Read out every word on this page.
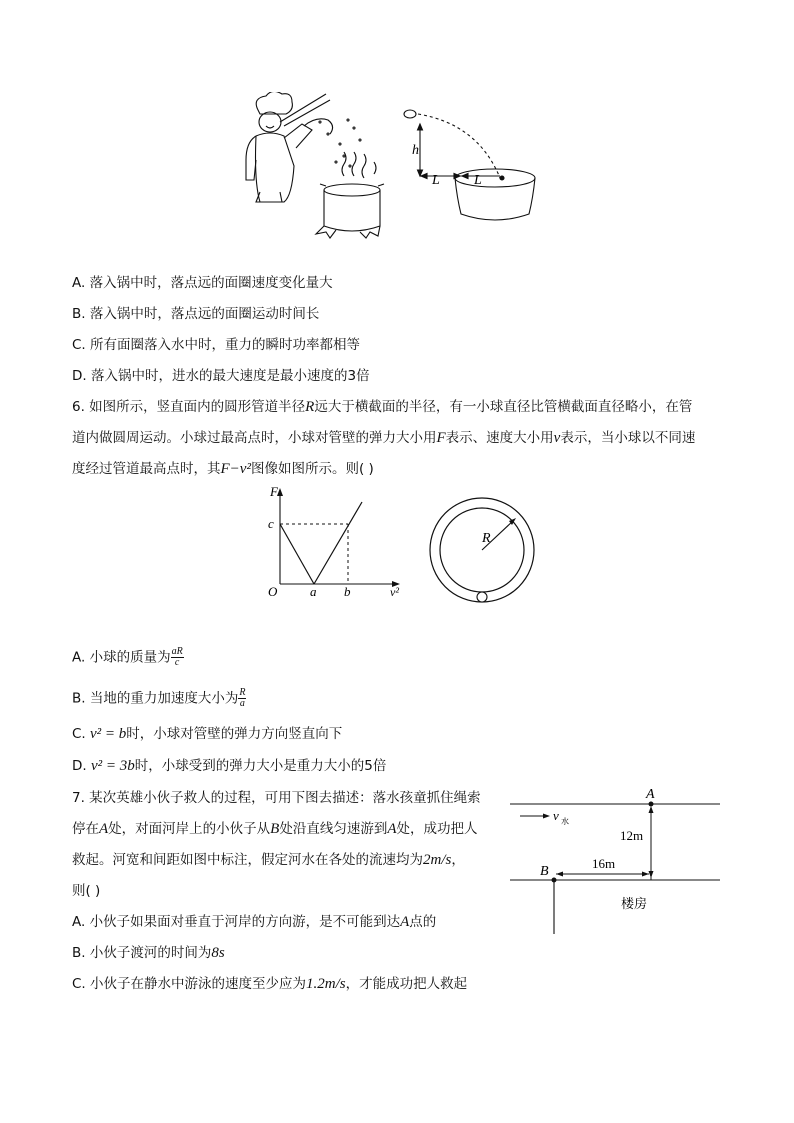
h
L L
A. 落入锅中时，落点远的面圈速度变化量大
B. 落入锅中时，落点远的面圈运动时间长
C. 所有面圈落入水中时，重力的瞬时功率都相等
D. 落入锅中时，进水的最大速度是最小速度的3倍
6. 如图所示，竖直面内的圆形管道半径R远大于横截面的半径，有一小球直径比管横截面直径略小，在管
道内做圆周运动。小球过最高点时，小球对管壁的弹力大小用F表示、速度大小用v表示，当小球以不同速
度经过管道最高点时，其F−v²图像如图所示。则( )
F
c
O	a b	v²
R
A. 小球的质量为 $\frac{aR}{c}$
B. 当地的重力加速度大小为 $\frac{R}{a}$
C. v² = b时，小球对管壁的弹力方向竖直向下
D. v² = 3b时，小球受到的弹力大小是重力大小的5倍
7. 某次英雄小伙子救人的过程，可用下图去描述：落水孩童抓住绳索
停在A处，对面河岸上的小伙子从B处沿直线匀速游到A处，成功把人
救起。河宽和间距如图中标注，假定河水在各处的流速均为2m/s，
则( )
A
B
v 水
12m
16m
楼房
A. 小伙子如果面对垂直于河岸的方向游，是不可能到达A点的
B. 小伙子渡河的时间为8s
C. 小伙子在静水中游泳的速度至少应为1.2m/s，才能成功把人救起
